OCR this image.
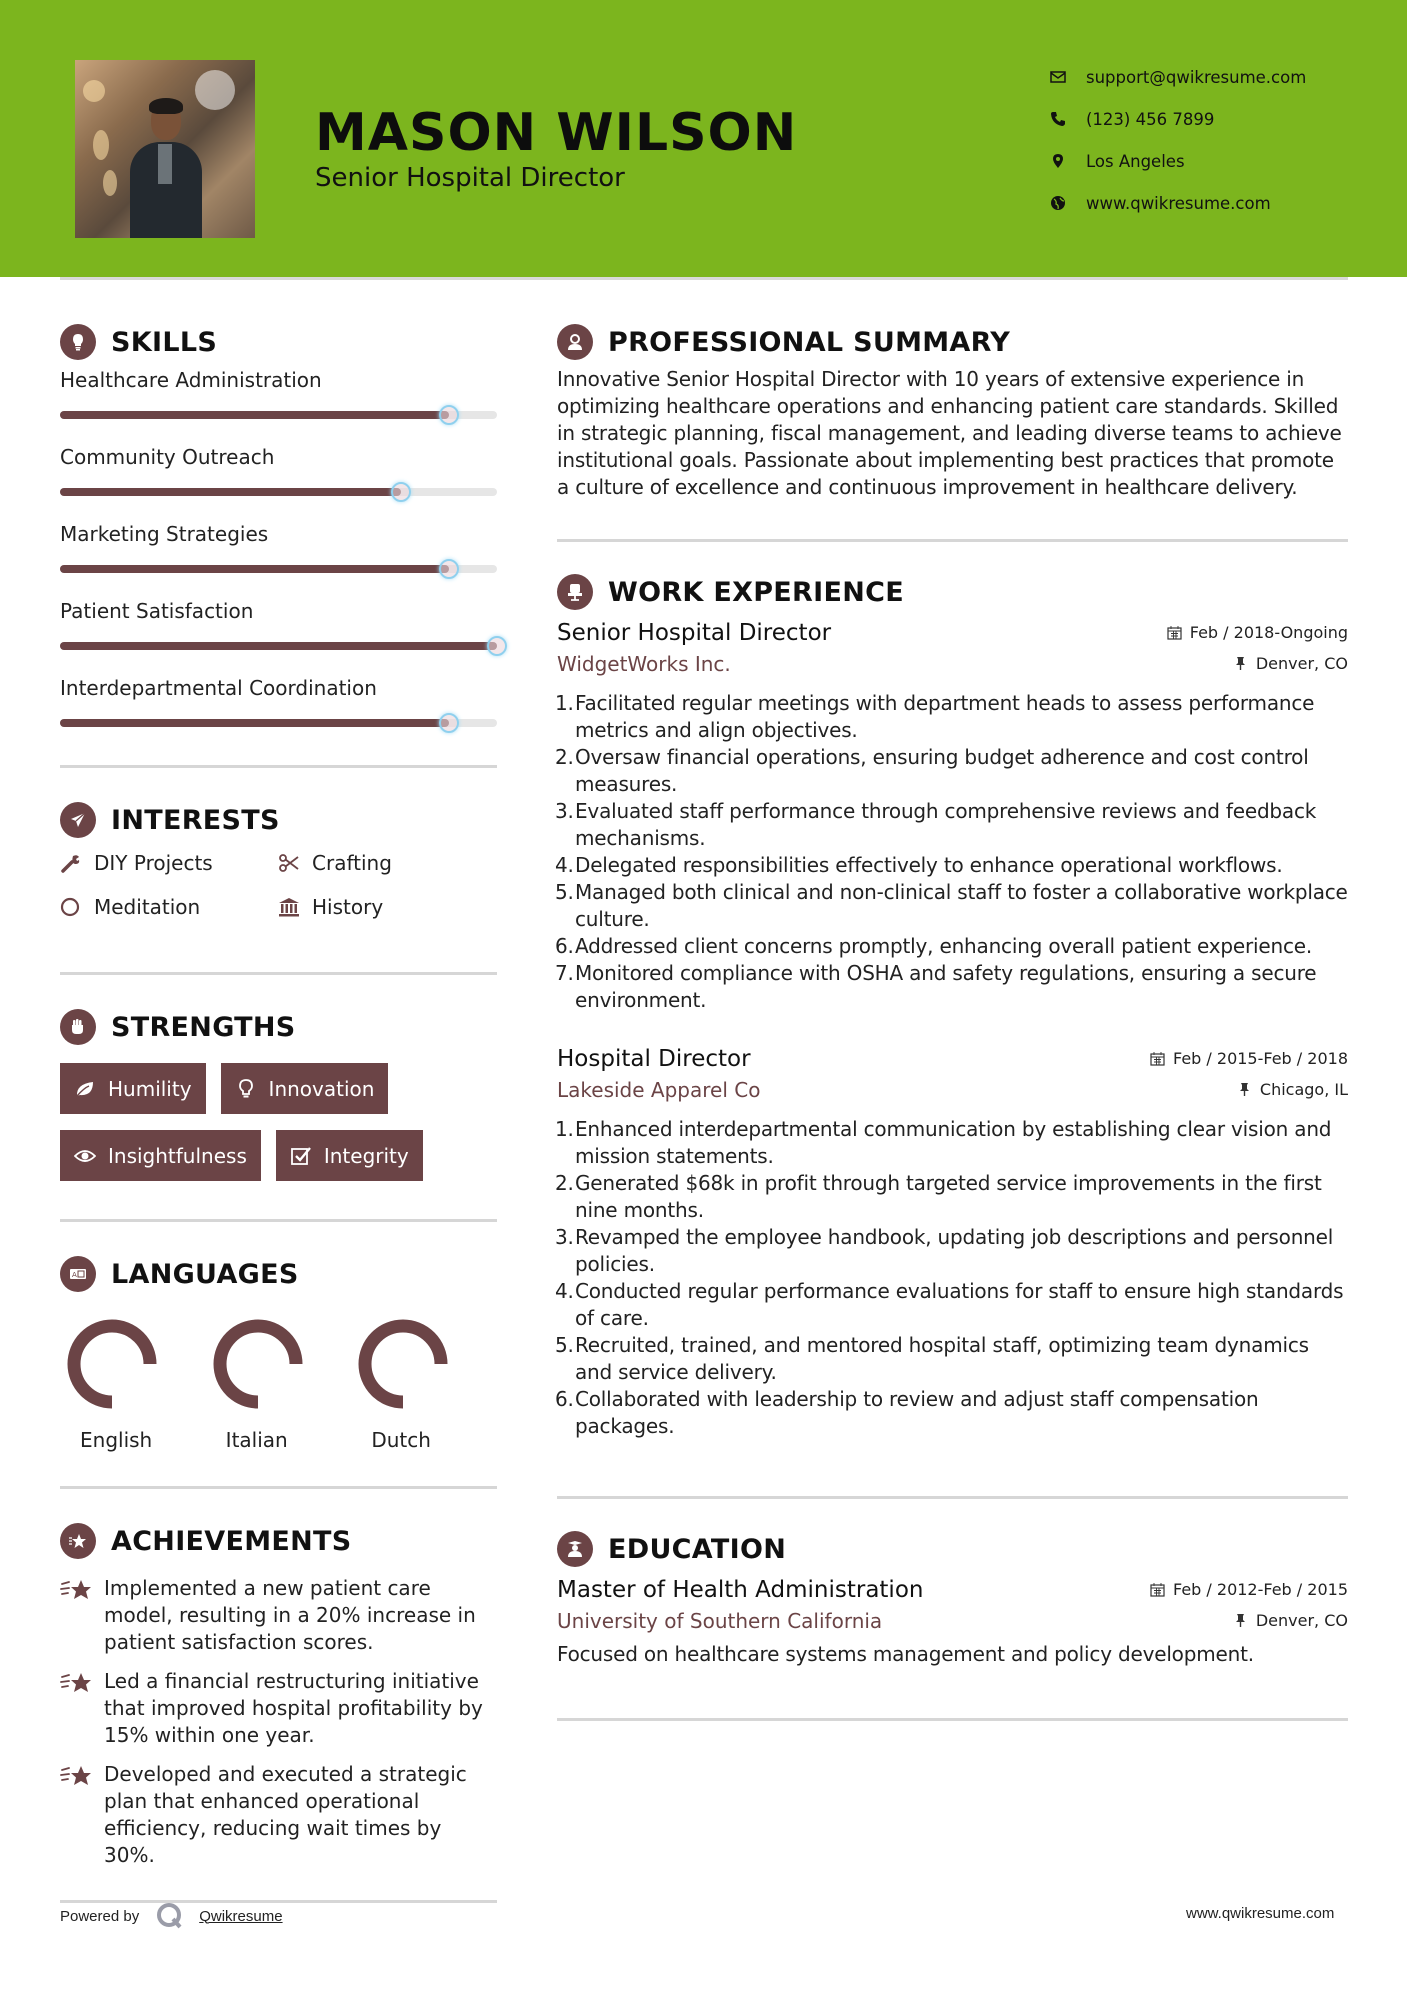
MASON WILSON
Senior Hospital Director
support@qwikresume.com
(123) 456 7899
Los Angeles
www.qwikresume.com
SKILLS
Healthcare Administration
Community Outreach
Marketing Strategies
Patient Satisfaction
Interdepartmental Coordination
INTERESTS
DIY Projects	Crafting
Meditation	History
STRENGTHS
Humility	Innovation
Insightfulness	Integrity
A LANGUAGES
English	Italian	Dutch
ACHIEVEMENTS
Implemented a new patient care model, resulting in a 20% increase in patient satisfaction scores.
Led a financial restructuring initiative that improved hospital profitability by 15% within one year.
Developed and executed a strategic plan that enhanced operational efficiency, reducing wait times by 30%.
PROFESSIONAL SUMMARY
Innovative Senior Hospital Director with 10 years of extensive experience in optimizing healthcare operations and enhancing patient care standards. Skilled in strategic planning, fiscal management, and leading diverse teams to achieve institutional goals. Passionate about implementing best practices that promote a culture of excellence and continuous improvement in healthcare delivery.
WORK EXPERIENCE
Senior Hospital Director	Feb / 2018-Ongoing
WidgetWorks Inc.	Denver, CO
Facilitated regular meetings with department heads to assess performance metrics and align objectives.
Oversaw financial operations, ensuring budget adherence and cost control measures.
Evaluated staff performance through comprehensive reviews and feedback mechanisms.
Delegated responsibilities effectively to enhance operational workflows.
Managed both clinical and non-clinical staff to foster a collaborative workplace culture.
Addressed client concerns promptly, enhancing overall patient experience.
Monitored compliance with OSHA and safety regulations, ensuring a secure environment.
Hospital Director	Feb / 2015-Feb / 2018
Lakeside Apparel Co	Chicago, IL
Enhanced interdepartmental communication by establishing clear vision and mission statements.
Generated $68k in profit through targeted service improvements in the first nine months.
Revamped the employee handbook, updating job descriptions and personnel policies.
Conducted regular performance evaluations for staff to ensure high standards of care.
Recruited, trained, and mentored hospital staff, optimizing team dynamics and service delivery.
Collaborated with leadership to review and adjust staff compensation packages.
EDUCATION
Master of Health Administration	Feb / 2012-Feb / 2015
University of Southern California	Denver, CO
Focused on healthcare systems management and policy development.
Powered by	Qwikresume	www.qwikresume.com
